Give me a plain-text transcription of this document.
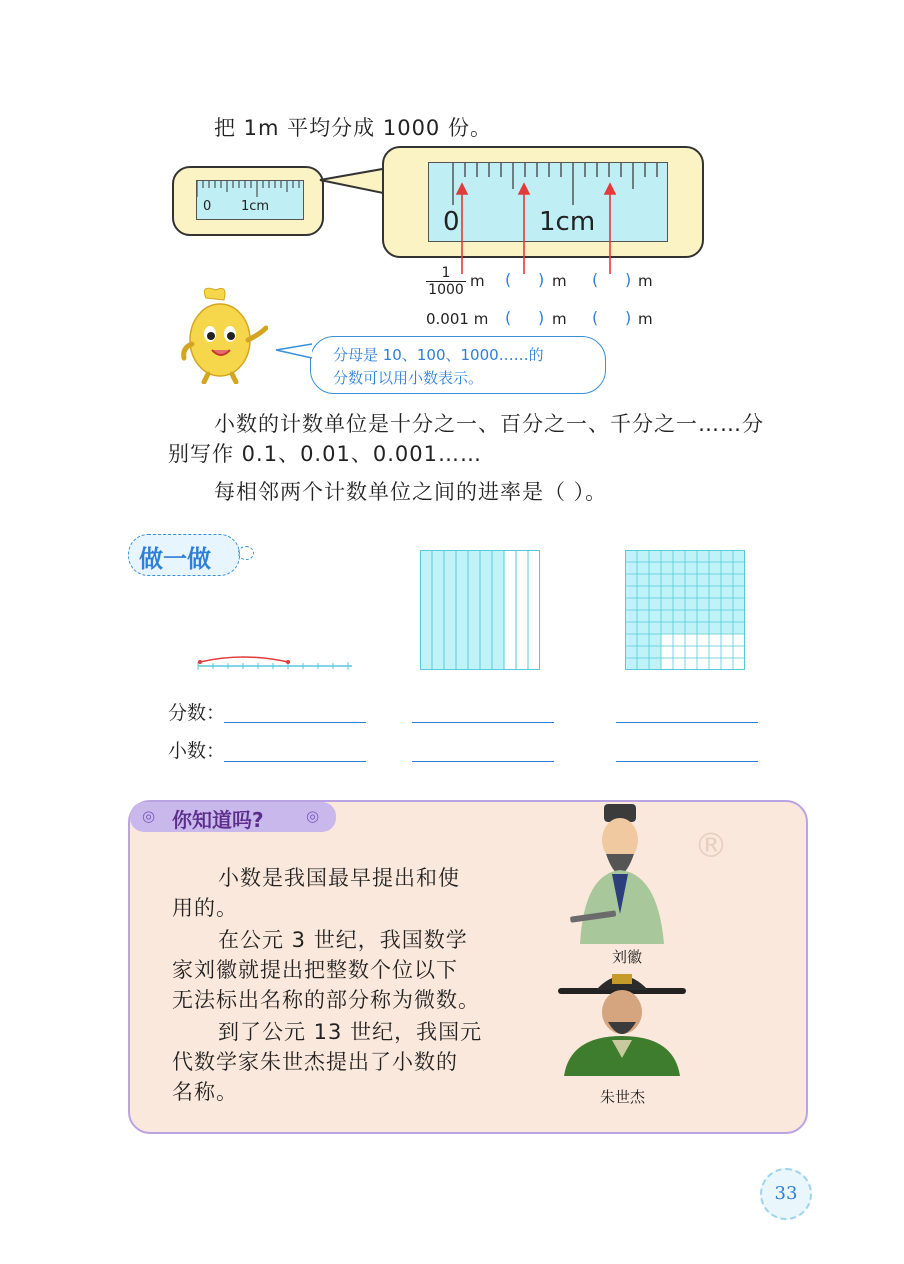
把 1m 平均分成 1000 份。
0 1cm
0	1cm
$\frac{1}{1000}$ m ( ) m ( ) m
0.001 m ( ) m ( ) m
分母是 10、100、1000……的
分数可以用小数表示。
小数的计数单位是十分之一、百分之一、千分之一……分
别写作 0.1、0.01、0.001……
每相邻两个计数单位之间的进率是（ ）。
做一做
分数：
小数：
◎ 你知道吗?	◎
®
小数是我国最早提出和使
用的。
在公元 3 世纪，我国数学
家刘徽就提出把整数个位以下
无法标出名称的部分称为微数。
到了公元 13 世纪，我国元
代数学家朱世杰提出了小数的
名称。
刘徽
朱世杰
33
